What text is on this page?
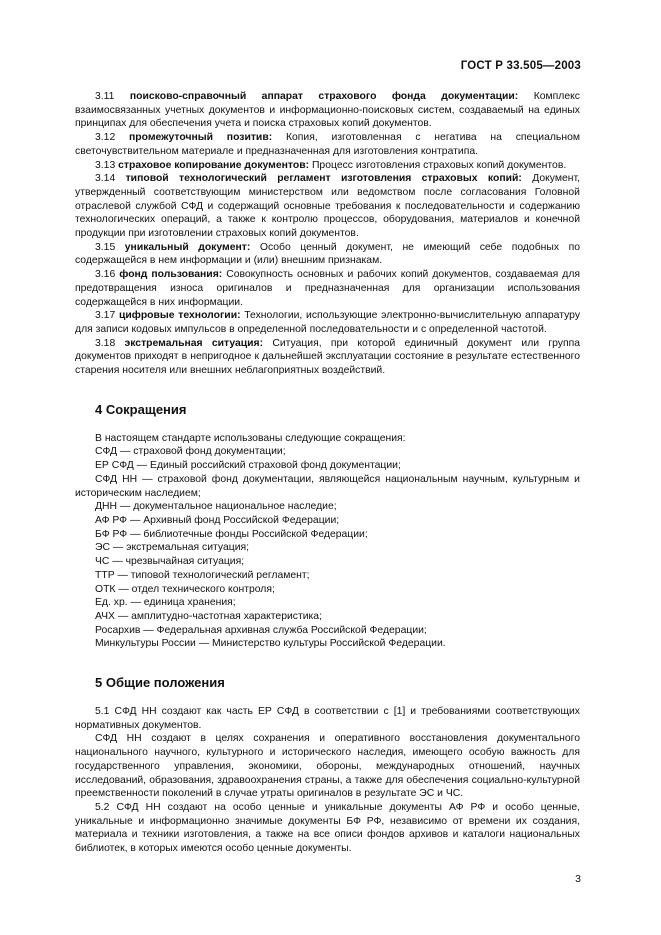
ГОСТ Р 33.505—2003

3.11 поисково-справочный аппарат страхового фонда документации: Комплекс взаимосвязанных учетных документов и информационно-поисковых систем, создаваемый на единых принципах для обеспечения учета и поиска страховых копий документов.

3.12 промежуточный позитив: Копия, изготовленная с негатива на специальном светочувствительном материале и предназначенная для изготовления контратипа.

3.13 страховое копирование документов: Процесс изготовления страховых копий документов.

3.14 типовой технологический регламент изготовления страховых копий: Документ, утвержденный соответствующим министерством или ведомством после согласования Головной отраслевой службой СФД и содержащий основные требования к последовательности и содержанию технологических операций, а также к контролю процессов, оборудования, материалов и конечной продукции при изготовлении страховых копий документов.

3.15 уникальный документ: Особо ценный документ, не имеющий себе подобных по содержащейся в нем информации и (или) внешним признакам.

3.16 фонд пользования: Совокупность основных и рабочих копий документов, создаваемая для предотвращения износа оригиналов и предназначенная для организации использования содержащейся в них информации.

3.17 цифровые технологии: Технологии, использующие электронно-вычислительную аппаратуру для записи кодовых импульсов в определенной последовательности и с определенной частотой.

3.18 экстремальная ситуация: Ситуация, при которой единичный документ или группа документов приходят в непригодное к дальнейшей эксплуатации состояние в результате естественного старения носителя или внешних неблагоприятных воздействий.

4 Сокращения

В настоящем стандарте использованы следующие сокращения:

СФД — страховой фонд документации;
ЕР СФД — Единый российский страховой фонд документации;
СФД НН — страховой фонд документации, являющейся национальным научным, культурным и историческим наследием;
ДНН — документальное национальное наследие;
АФ РФ — Архивный фонд Российской Федерации;
БФ РФ — библиотечные фонды Российской Федерации;
ЭС — экстремальная ситуация;
ЧС — чрезвычайная ситуация;
ТТР — типовой технологический регламент;
ОТК — отдел технического контроля;
Ед. хр. — единица хранения;
АЧХ — амплитудно-частотная характеристика;
Росархив — Федеральная архивная служба Российской Федерации;
Минкультуры России — Министерство культуры Российской Федерации.
5 Общие положения

5.1 СФД НН создают как часть ЕР СФД в соответствии с [1] и требованиями соответствующих нормативных документов.

СФД НН создают в целях сохранения и оперативного восстановления документального национального научного, культурного и исторического наследия, имеющего особую важность для государственного управления, экономики, обороны, международных отношений, научных исследований, образования, здравоохранения страны, а также для обеспечения социально-культурной преемственности поколений в случае утраты оригиналов в результате ЭС и ЧС.

5.2 СФД НН создают на особо ценные и уникальные документы АФ РФ и особо ценные, уникальные и информационно значимые документы БФ РФ, независимо от времени их создания, материала и техники изготовления, а также на все описи фондов архивов и каталоги национальных библиотек, в которых имеются особо ценные документы.

3
